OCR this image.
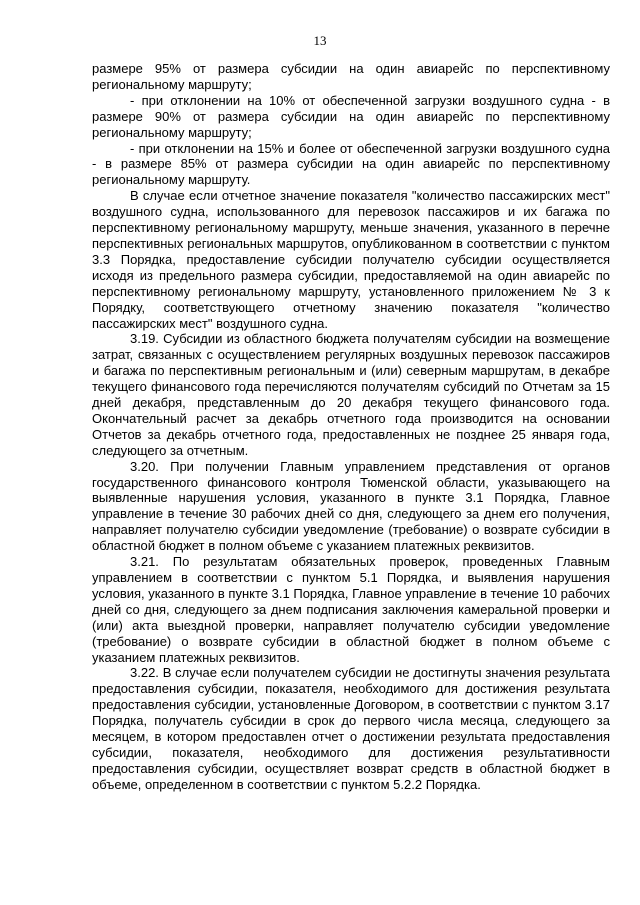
13

размере 95% от размера субсидии на один авиарейс по перспективному региональному маршруту;

- при отклонении на 10% от обеспеченной загрузки воздушного судна - в размере 90% от размера субсидии на один авиарейс по перспективному региональному маршруту;

- при отклонении на 15% и более от обеспеченной загрузки воздушного судна - в размере 85% от размера субсидии на один авиарейс по перспективному региональному маршруту.

В случае если отчетное значение показателя "количество пассажирских мест" воздушного судна, использованного для перевозок пассажиров и их багажа по перспективному региональному маршруту, меньше значения, указанного в перечне перспективных региональных маршрутов, опубликованном в соответствии с пунктом 3.3 Порядка, предоставление субсидии получателю субсидии осуществляется исходя из предельного размера субсидии, предоставляемой на один авиарейс по перспективному региональному маршруту, установленного приложением № 3 к Порядку, соответствующего отчетному значению показателя "количество пассажирских мест" воздушного судна.

3.19. Субсидии из областного бюджета получателям субсидии на возмещение затрат, связанных с осуществлением регулярных воздушных перевозок пассажиров и багажа по перспективным региональным и (или) северным маршрутам, в декабре текущего финансового года перечисляются получателям субсидий по Отчетам за 15 дней декабря, представленным до 20 декабря текущего финансового года. Окончательный расчет за декабрь отчетного года производится на основании Отчетов за декабрь отчетного года, предоставленных не позднее 25 января года, следующего за отчетным.

3.20. При получении Главным управлением представления от органов государственного финансового контроля Тюменской области, указывающего на выявленные нарушения условия, указанного в пункте 3.1 Порядка, Главное управление в течение 30 рабочих дней со дня, следующего за днем его получения, направляет получателю субсидии уведомление (требование) о возврате субсидии в областной бюджет в полном объеме с указанием платежных реквизитов.

3.21. По результатам обязательных проверок, проведенных Главным управлением в соответствии с пунктом 5.1 Порядка, и выявления нарушения условия, указанного в пункте 3.1 Порядка, Главное управление в течение 10 рабочих дней со дня, следующего за днем подписания заключения камеральной проверки и (или) акта выездной проверки, направляет получателю субсидии уведомление (требование) о возврате субсидии в областной бюджет в полном объеме с указанием платежных реквизитов.

3.22. В случае если получателем субсидии не достигнуты значения результата предоставления субсидии, показателя, необходимого для достижения результата предоставления субсидии, установленные Договором, в соответствии с пунктом 3.17 Порядка, получатель субсидии в срок до первого числа месяца, следующего за месяцем, в котором предоставлен отчет о достижении результата предоставления субсидии, показателя, необходимого для достижения результативности предоставления субсидии, осуществляет возврат средств в областной бюджет в объеме, определенном в соответствии с пунктом 5.2.2 Порядка.
